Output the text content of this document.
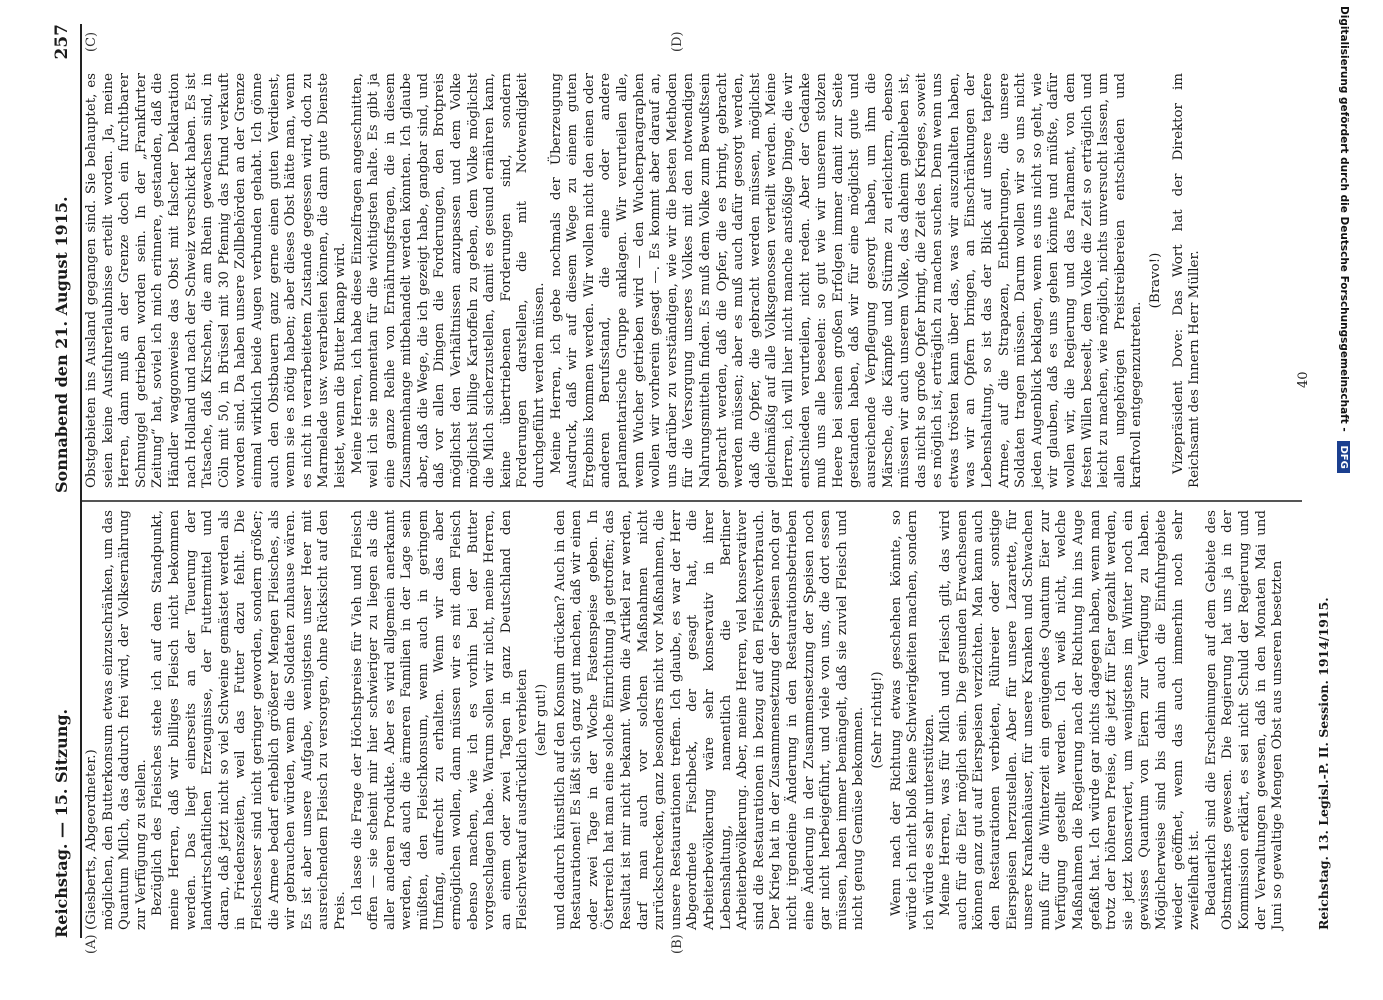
Reichstag. — 15. Sitzung.
Sonnabend den 21. August 1915.
257
(A)	(B)
(C)	(D)

(Giesberts, Abgeordneter.) möglichen, den Butterkonsum etwas einzuschränken, um das Quantum Milch, das dadurch frei wird, der Volksernährung zur Verfügung zu stellen. Bezüglich des Fleisches stehe ich auf dem Standpunkt, meine Herren, daß wir billiges Fleisch nicht bekommen werden. Das liegt einerseits an der Teuerung der landwirtschaftlichen Erzeugnisse, der Futtermittel und daran, daß jetzt nicht so viel Schweine gemästet werden als in Friedenszeiten, weil das Futter dazu fehlt. Die Fleischesser sind nicht geringer geworden, sondern größer; die Armee bedarf erheblich größerer Mengen Fleisches, als wir gebrauchen würden, wenn die Soldaten zuhause wären. Es ist aber unsere Aufgabe, wenigstens unser Heer mit ausreichendem Fleisch zu versorgen, ohne Rücksicht auf den Preis. Ich lasse die Frage der Höchstpreise für Vieh und Fleisch offen — sie scheint mir hier schwieriger zu liegen als die aller anderen Produkte. Aber es wird allgemein anerkannt werden, daß auch die ärmeren Familien in der Lage sein müßten, den Fleischkonsum, wenn auch in geringem Umfang, aufrecht zu erhalten. Wenn wir das aber ermöglichen wollen, dann müssen wir es mit dem Fleisch ebenso machen, wie ich es vorhin bei der Butter vorgeschlagen habe. Warum sollen wir nicht, meine Herren, an einem oder zwei Tagen in ganz Deutschland den Fleischverkauf ausdrücklich verbieten (sehr gut!) und dadurch künstlich auf den Konsum drücken? Auch in den Restaurationen! Es läßt sich ganz gut machen, daß wir einen oder zwei Tage in der Woche Fastenspeise geben. In Österreich hat man eine solche Einrichtung ja getroffen; das Resultat ist mir nicht bekannt. Wenn die Artikel rar werden, darf man auch vor solchen Maßnahmen nicht zurückschrecken, ganz besonders nicht vor Maßnahmen, die unsere Restaurationen treffen. Ich glaube, es war der Herr Abgeordnete Fischbeck, der gesagt hat, die Arbeiterbevölkerung wäre sehr konservativ in ihrer Lebenshaltung, namentlich die Berliner Arbeiterbevölkerung. Aber, meine Herren, viel konservativer sind die Restaurationen in bezug auf den Fleischverbrauch. Der Krieg hat in der Zusammensetzung der Speisen noch gar nicht irgendeine Änderung in den Restaurationsbetrieben eine Änderung in der Zusammensetzung der Speisen noch gar nicht herbeigeführt, und viele von uns, die dort essen müssen, haben immer bemängelt, daß sie zuviel Fleisch und nicht genug Gemüse bekommen. (Sehr richtig!) Wenn nach der Richtung etwas geschehen könnte, so würde ich nicht bloß keine Schwierigkeiten machen, sondern ich würde es sehr unterstützen. Meine Herren, was für Milch und Fleisch gilt, das wird auch für die Eier möglich sein. Die gesunden Erwachsenen können ganz gut auf Eierspeisen verzichten. Man kann auch den Restaurationen verbieten, Rühreier oder sonstige Eierspeisen herzustellen. Aber für unsere Lazarette, für unsere Krankenhäuser, für unsere Kranken und Schwachen muß für die Winterzeit ein genügendes Quantum Eier zur Verfügung gestellt werden. Ich weiß nicht, welche Maßnahmen die Regierung nach der Richtung hin ins Auge gefaßt hat. Ich würde gar nichts dagegen haben, wenn man trotz der höheren Preise, die jetzt für Eier gezahlt werden, sie jetzt konserviert, um wenigstens im Winter noch ein gewisses Quantum von Eiern zur Verfügung zu haben. Möglicherweise sind bis dahin auch die Einfuhrgebiete wieder geöffnet, wenn das auch immerhin noch sehr zweifelhaft ist. Bedauerlich sind die Erscheinungen auf dem Gebiete des Obstmarktes gewesen. Die Regierung hat uns ja in der Kommission erklärt, es sei nicht Schuld der Regierung und der Verwaltungen gewesen, daß in den Monaten Mai und Juni so gewaltige Mengen Obst aus unseren besetzten

Obstgebieten ins Ausland gegangen sind. Sie behauptet, es seien keine Ausfuhrerlaubnisse erteilt worden. Ja, meine Herren, dann muß an der Grenze doch ein furchtbarer Schmuggel getrieben worden sein. In der „Frankfurter Zeitung“ hat, soviel ich mich erinnere, gestanden, daß die Händler waggonweise das Obst mit falscher Deklaration nach Holland und nach der Schweiz verschickt haben. Es ist Tatsache, daß Kirschen, die am Rhein gewachsen sind, in Cöln mit 50, in Brüssel mit 30 Pfennig das Pfund verkauft worden sind. Da haben unsere Zollbehörden an der Grenze einmal wirklich beide Augen verbunden gehabt. Ich gönne auch den Obstbauern ganz gerne einen guten Verdienst, wenn sie es nötig haben; aber dieses Obst hätte man, wenn es nicht in verarbeitetem Zustande gegessen wird, doch zu Marmelade usw. verarbeiten können, die dann gute Dienste leistet, wenn die Butter knapp wird. Meine Herren, ich habe diese Einzelfragen angeschnitten, weil ich sie momentan für die wichtigsten halte. Es gibt ja eine ganze Reihe von Ernährungsfragen, die in diesem Zusammenhange mitbehandelt werden könnten. Ich glaube aber, daß die Wege, die ich gezeigt habe, gangbar sind, und daß vor allen Dingen die Forderungen, den Brotpreis möglichst den Verhältnissen anzupassen und dem Volke möglichst billige Kartoffeln zu geben, dem Volke möglichst die Milch sicherzustellen, damit es gesund ernähren kann, keine übertriebenen Forderungen sind, sondern Forderungen darstellen, die mit Notwendigkeit durchgeführt werden müssen. Meine Herren, ich gebe nochmals der Überzeugung Ausdruck, daß wir auf diesem Wege zu einem guten Ergebnis kommen werden. Wir wollen nicht den einen oder anderen Berufsstand, die eine oder andere parlamentarische Gruppe anklagen. Wir verurteilen alle, wenn Wucher getrieben wird — den Wucherparagraphen wollen wir vorherein gesagt —. Es kommt aber darauf an, uns darüber zu verständigen, wie wir die besten Methoden für die Versorgung unseres Volkes mit den notwendigen Nahrungsmitteln finden. Es muß dem Volke zum Bewußtsein gebracht werden, daß die Opfer, die es bringt, gebracht werden müssen; aber es muß auch dafür gesorgt werden, daß die Opfer, die gebracht werden müssen, möglichst gleichmäßig auf alle Volksgenossen verteilt werden. Meine Herren, ich will hier nicht manche anstößige Dinge, die wir entschieden verurteilen, nicht reden. Aber der Gedanke muß uns alle beseelen: so gut wie wir unserem stolzen Heere bei seinen großen Erfolgen immer damit zur Seite gestanden haben, daß wir für eine möglichst gute und ausreichende Verpflegung gesorgt haben, um ihm die Märsche, die Kämpfe und Stürme zu erleichtern, ebenso müssen wir auch unserem Volke, das daheim geblieben ist, das nicht so große Opfer bringt, die Zeit des Krieges, soweit es möglich ist, erträglich zu machen suchen. Denn wenn uns etwas trösten kann über das, was wir auszuhalten haben, was wir an Opfern bringen, an Einschränkungen der Lebenshaltung, so ist das der Blick auf unsere tapfere Armee, auf die Strapazen, Entbehrungen, die unsere Soldaten tragen müssen. Darum wollen wir so uns nicht jeden Augenblick beklagen, wenn es uns nicht so geht, wie wir glauben, daß es uns gehen könnte und müßte, dafür wollen wir, die Regierung und das Parlament, von dem festen Willen beseelt, dem Volke die Zeit so erträglich und leicht zu machen, wie möglich, nichts unversucht lassen, um allen ungehörigen Preistreibereien entschieden und kraftvoll entgegenzutreten.

(Bravo!) Vizepräsident Dove: Das Wort hat der Direktor im Reichsamt des Innern Herr Müller.

Reichstag. 13. Legisl.-P. II. Session. 1914/1915.
40	Digitalisierung gefördert durch die Deutsche Forschungsgemeinschaft - DFG
